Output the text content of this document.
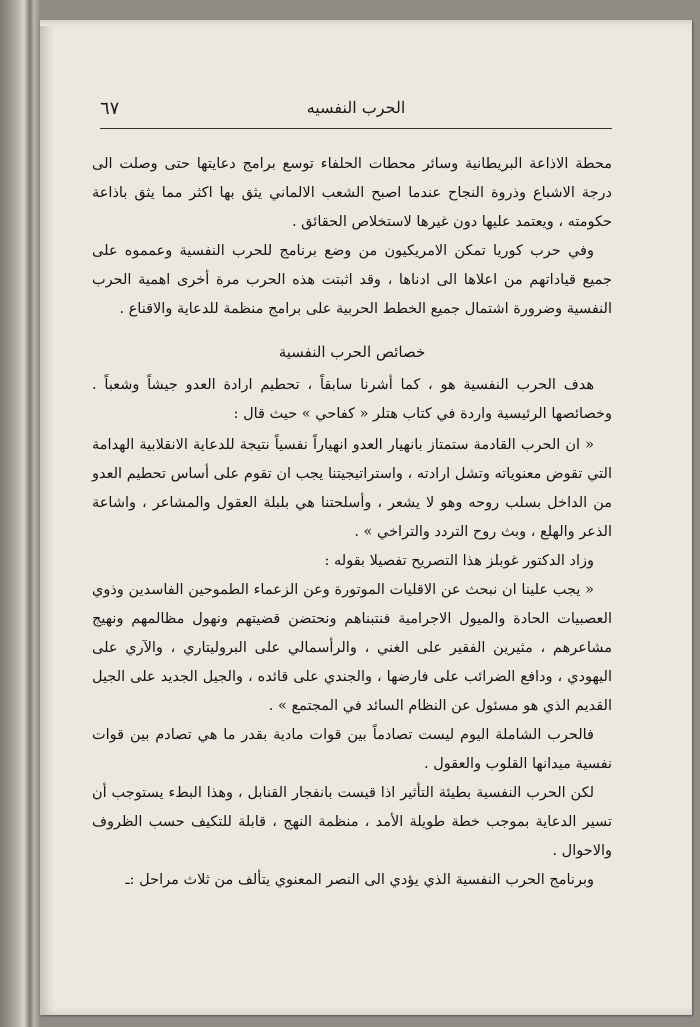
الحرب النفسيه
٦٧

محطة الاذاعة البريطانية وسائر محطات الحلفاء توسع برامج دعايتها حتى وصلت الى درجة الاشباع وذروة النجاح عندما اصبح الشعب الالماني يثق بها اكثر مما يثق باذاعة حكومته ، ويعتمد عليها دون غيرها لاستخلاص الحقائق .

وفي حرب كوريا تمكن الامريكيون من وضع برنامج للحرب النفسية وعمموه على جميع قياداتهم من اعلاها الى ادناها ، وقد اثبتت هذه الحرب مرة أخرى اهمية الحرب النفسية وضرورة اشتمال جميع الخطط الحربية على برامج منظمة للدعاية والاقناع .

خصائص الحرب النفسية

هدف الحرب النفسية هو ، كما أشرنا سابقاً ، تحطيم ارادة العدو جيشاً وشعباً . وخصائصها الرئيسية واردة في كتاب هتلر « كفاحي » حيث قال :

« ان الحرب القادمة ستمتاز بانهيار العدو انهياراً نفسياً نتيجة للدعاية الانقلابية الهدامة التي تقوض معنوياته وتشل ارادته ، واستراتيجيتنا يجب ان تقوم على أساس تحطيم العدو من الداخل بسلب روحه وهو لا يشعر ، وأسلحتنا هي بلبلة العقول والمشاعر ، واشاعة الذعر والهلع ، وبث روح التردد والتراخي » .

وزاد الدكتور غوبلز هذا التصريح تفصيلا بقوله :

« يجب علينا ان نبحث عن الاقليات الموتورة وعن الزعماء الطموحين الفاسدين وذوي العصبيات الحادة والميول الاجرامية فنتبناهم ونحتضن قضيتهم ونهول مظالمهم ونهيج مشاعرهم ، مثيرين الفقير على الغني ، والرأسمالي على البروليتاري ، والآري على اليهودي ، ودافع الضرائب على فارضها ، والجندي على قائده ، والجيل الجديد على الجيل القديم الذي هو مسئول عن النظام السائد في المجتمع » .

فالحرب الشاملة اليوم ليست تصادماً بين قوات مادية بقدر ما هي تصادم بين قوات نفسية ميدانها القلوب والعقول .

لكن الحرب النفسية بطيئة التأثير اذا قيست بانفجار القنابل ، وهذا البطء يستوجب أن تسير الدعاية بموجب خطة طويلة الأمد ، منظمة النهج ، قابلة للتكيف حسب الظروف والاحوال .

وبرنامج الحرب النفسية الذي يؤدي الى النصر المعنوي يتألف من ثلاث مراحل :ـ
